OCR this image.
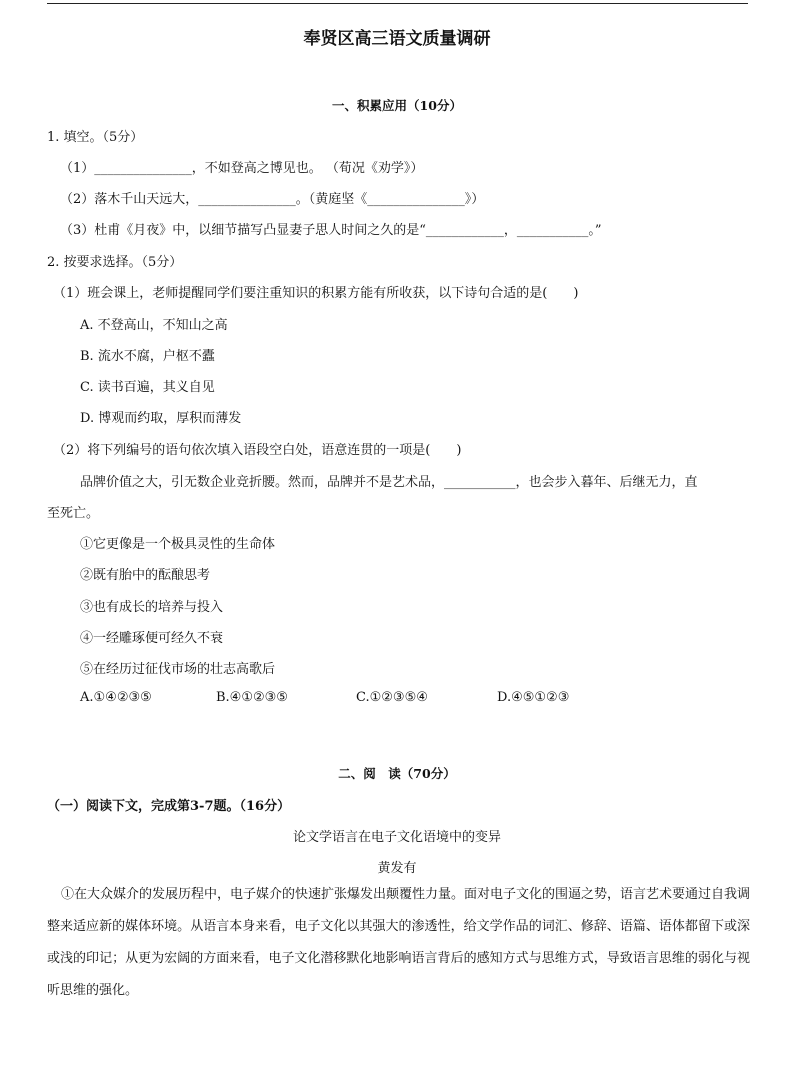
奉贤区高三语文质量调研
一、积累应用（10分）
1. 填空。（5分）
（1）_______________，不如登高之博见也。 （荀况《劝学》）
（2）落木千山天远大，_______________。（黄庭坚《_______________》）
（3）杜甫《月夜》中，以细节描写凸显妻子思人时间之久的是“____________，___________。”
2. 按要求选择。（5分）
（1）班会课上，老师提醒同学们要注重知识的积累方能有所收获，以下诗句合适的是(　　)
A. 不登高山，不知山之高
B. 流水不腐，户枢不蠹
C. 读书百遍，其义自见
D. 博观而约取，厚积而薄发
（2）将下列编号的语句依次填入语段空白处，语意连贯的一项是(　　)
品牌价值之大，引无数企业竞折腰。然而，品牌并不是艺术品，___________，也会步入暮年、后继无力，直
至死亡。
①它更像是一个极具灵性的生命体
②既有胎中的酝酿思考
③也有成长的培养与投入
④一经雕琢便可经久不衰
⑤在经历过征伐市场的壮志高歌后
A.①④②③⑤	B.④①②③⑤	C.①②③⑤④	D.④⑤①②③
二、阅　读（70分）
（一）阅读下文，完成第3-7题。（16分）
论文学语言在电子文化语境中的变异
黄发有
①在大众媒介的发展历程中，电子媒介的快速扩张爆发出颠覆性力量。面对电子文化的围逼之势，语言艺术要通过自我调整来适应新的媒体环境。从语言本身来看，电子文化以其强大的渗透性，给文学作品的词汇、修辞、语篇、语体都留下或深或浅的印记；从更为宏阔的方面来看，电子文化潜移默化地影响语言背后的感知方式与思维方式，导致语言思维的弱化与视听思维的强化。
